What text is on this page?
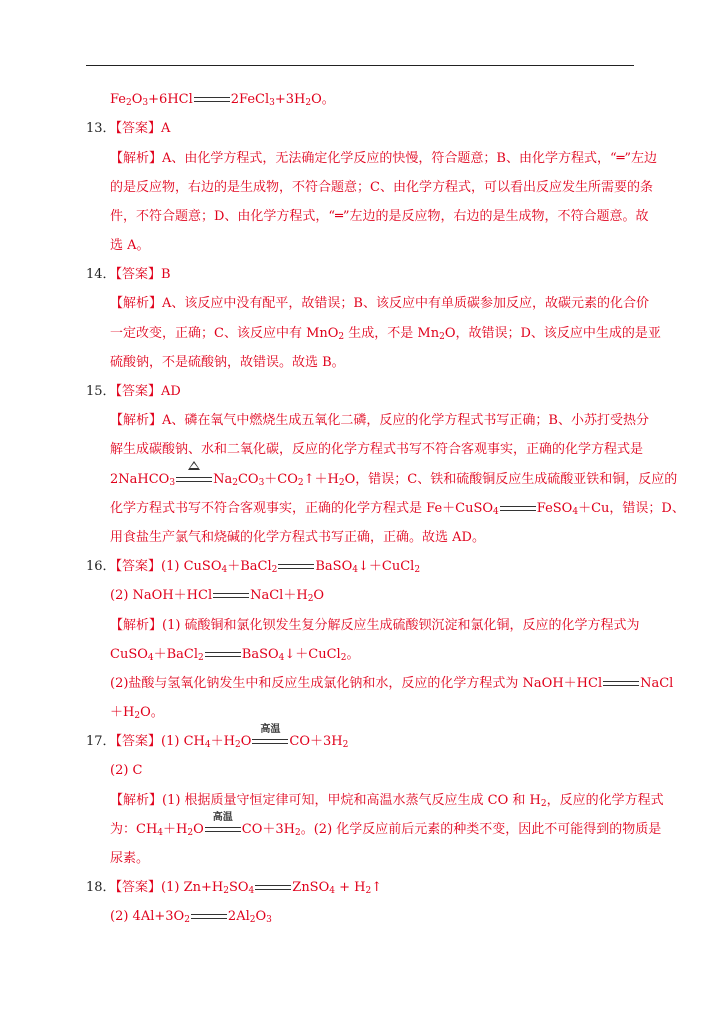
$Fe_2O_3+6HCl$	$2FeCl_3+3H_2O$。
13．【答案】A
【解析】A、由化学方程式，无法确定化学反应的快慢，符合题意；B、由化学方程式，“═”左边
的是反应物，右边的是生成物，不符合题意；C、由化学方程式，可以看出反应发生所需要的条
件，不符合题意；D、由化学方程式，“═”左边的是反应物，右边的是生成物，不符合题意。故
选 A。
14．【答案】B
【解析】A、该反应中没有配平，故错误；B、该反应中有单质碳参加反应，故碳元素的化合价
一定改变，正确；C、该反应中有 MnO$_2$ 生成，不是 $Mn_2O$，故错误；D、该反应中生成的是亚
硫酸钠，不是硫酸钠，故错误。故选 B。
15．【答案】AD
【解析】A、磷在氧气中燃烧生成五氧化二磷，反应的化学方程式书写正确；B、小苏打受热分
解生成碳酸钠、水和二氧化碳，反应的化学方程式书写不符合客观事实，正确的化学方程式是
2NaHCO$_3$	$Na_2CO_3+CO_2↑+H_2O$，错误；C、铁和硫酸铜反应生成硫酸亚铁和铜，反应的
化学方程式书写不符合客观事实，正确的化学方程式是 Fe＋CuSO$_4$	FeSO$_4$＋Cu，错误；D、
用食盐生产氯气和烧碱的化学方程式书写正确，正确。故选 AD。
16．【答案】(1) CuSO$_4$＋BaCl$_2$	BaSO$_4$↓＋CuCl$_2$
(2) NaOH＋HCl	$NaCl+H_2O$
【解析】(1) 硫酸铜和氯化钡发生复分解反应生成硫酸钡沉淀和氯化铜，反应的化学方程式为
CuSO$_4$＋BaCl$_2$	BaSO$_4$↓＋CuCl$_2$。
(2)盐酸与氢氧化钠发生中和反应生成氯化钠和水，反应的化学方程式为 NaOH＋HCl	NaCl
$+H_2O$。
17．【答案】(1) $CH_4+H_2O$
高温
$CO+3H_2$
(2) C
【解析】(1) 根据质量守恒定律可知，甲烷和高温水蒸气反应生成 CO 和 $H_2$，反应的化学方程式
为：$CH_4+H_2O$
高温
$CO+3H_2$。(2) 化学反应前后元素的种类不变，因此不可能得到的物质是
尿素。
18．【答案】(1) $Zn+H_2SO_4$	ZnSO$_4$ + $H_2↑$
(2) $4Al+3O_2$	$2Al_2O_3$
